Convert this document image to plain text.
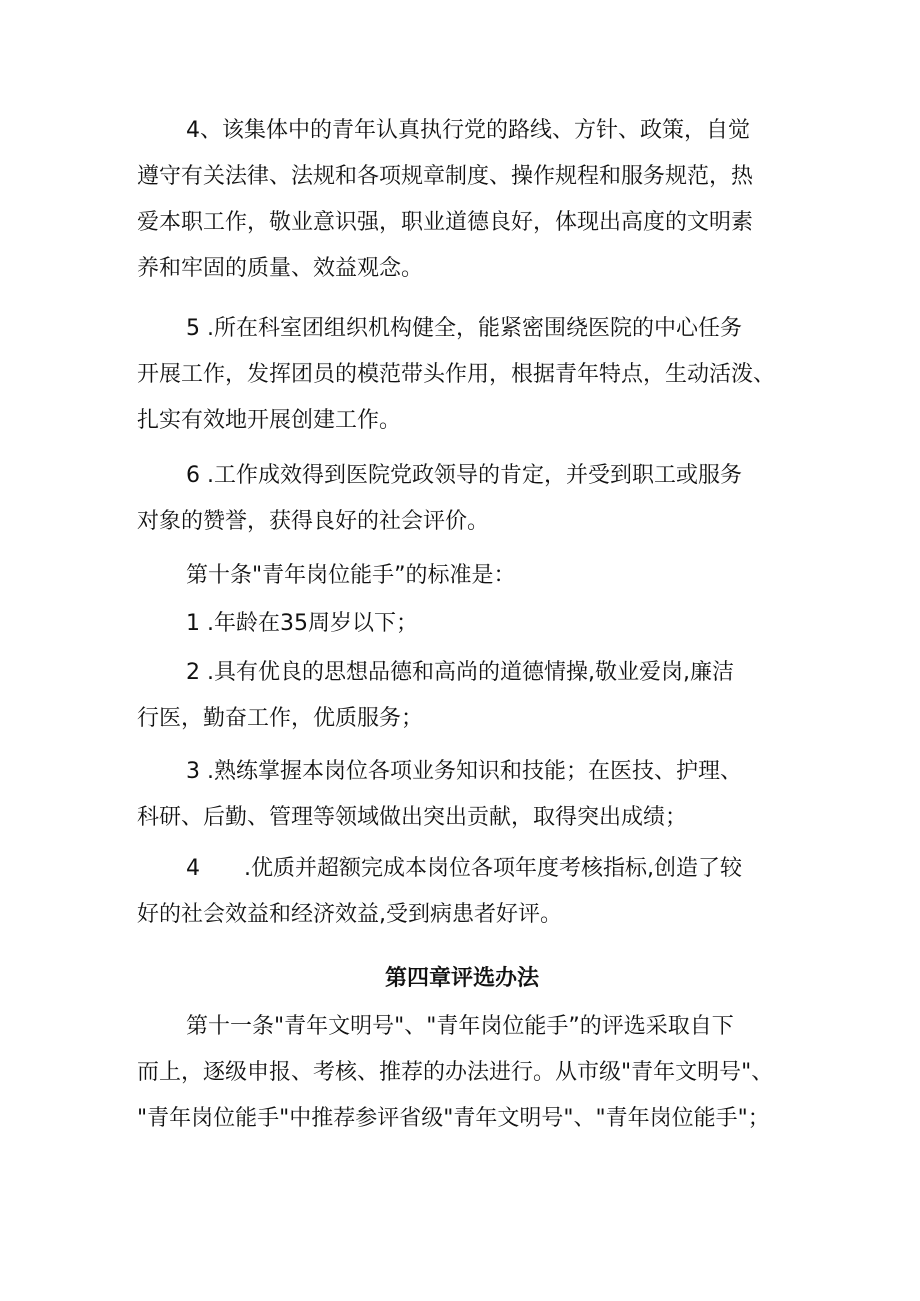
4、该集体中的青年认真执行党的路线、方针、政策，自觉
遵守有关法律、法规和各项规章制度、操作规程和服务规范，热
爱本职工作，敬业意识强，职业道德良好，体现出高度的文明素
养和牢固的质量、效益观念。
5 .所在科室团组织机构健全，能紧密围绕医院的中心任务
开展工作，发挥团员的模范带头作用，根据青年特点，生动活泼、
扎实有效地开展创建工作。
6 .工作成效得到医院党政领导的肯定，并受到职工或服务
对象的赞誉，获得良好的社会评价。
第十条"青年岗位能手”的标准是：
1 .年龄在35周岁以下；
2 .具有优良的思想品德和高尚的道德情操,敬业爱岗,廉洁
行医，勤奋工作，优质服务；
3 .熟练掌握本岗位各项业务知识和技能；在医技、护理、
科研、后勤、管理等领域做出突出贡献，取得突出成绩；
4　　.优质并超额完成本岗位各项年度考核指标,创造了较
好的社会效益和经济效益,受到病患者好评。
第四章评选办法
第十一条"青年文明号"、"青年岗位能手”的评选采取自下
而上，逐级申报、考核、推荐的办法进行。从市级"青年文明号"、
"青年岗位能手"中推荐参评省级"青年文明号"、"青年岗位能手"；
